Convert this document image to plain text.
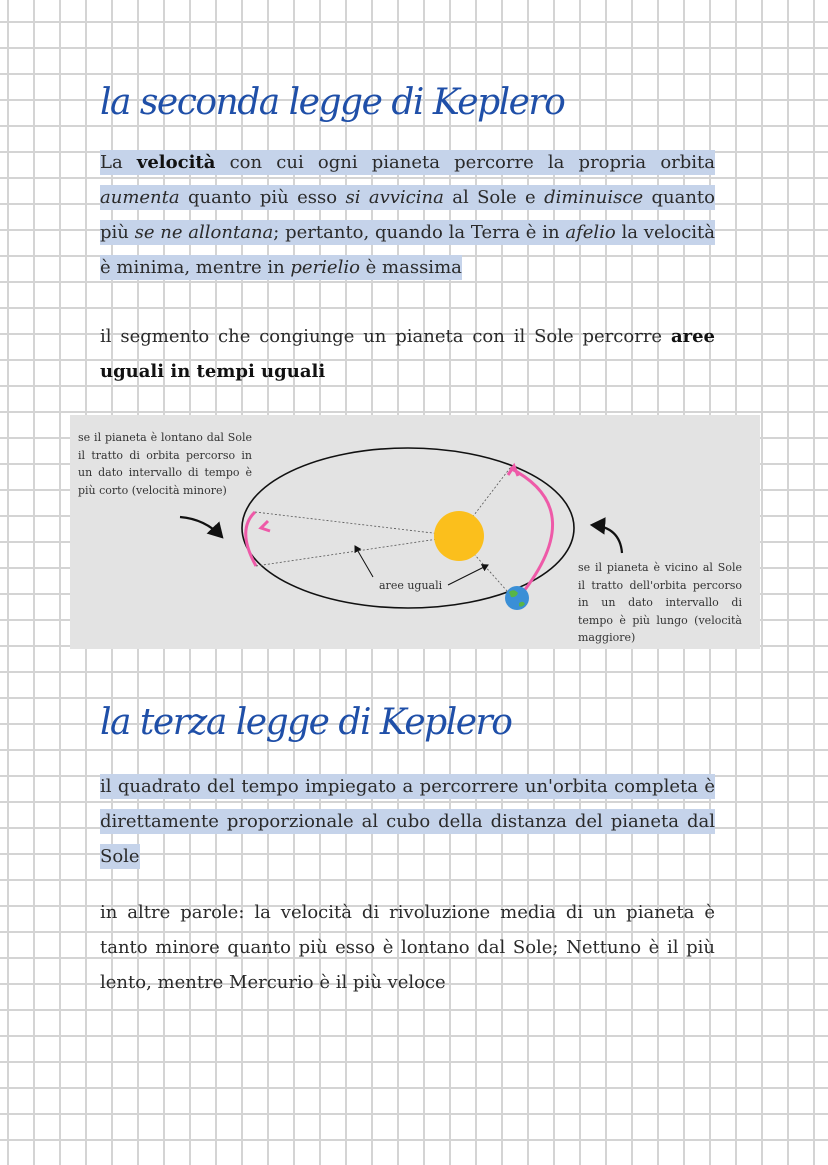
la seconda legge di Keplero

La velocità con cui ogni pianeta percorre la propria orbita aumenta quanto più esso si avvicina al Sole e diminuisce quanto più se ne allontana; pertanto, quando la Terra è in afelio la velocità è minima, mentre in perielio è massima

il segmento che congiunge un pianeta con il Sole percorre aree uguali in tempi uguali

se il pianeta è lontano dal Sole il tratto di orbita percorso in un dato intervallo di tempo è più corto (velocità minore)
aree uguali
se il pianeta è vicino al Sole il tratto dell'orbita percorso in un dato intervallo di tempo è più lungo (velocità maggiore)
la terza legge di Keplero

il quadrato del tempo impiegato a percorrere un'orbita completa è direttamente proporzionale al cubo della distanza del pianeta dal Sole

in altre parole: la velocità di rivoluzione media di un pianeta è tanto minore quanto più esso è lontano dal Sole; Nettuno è il più lento, mentre Mercurio è il più veloce
